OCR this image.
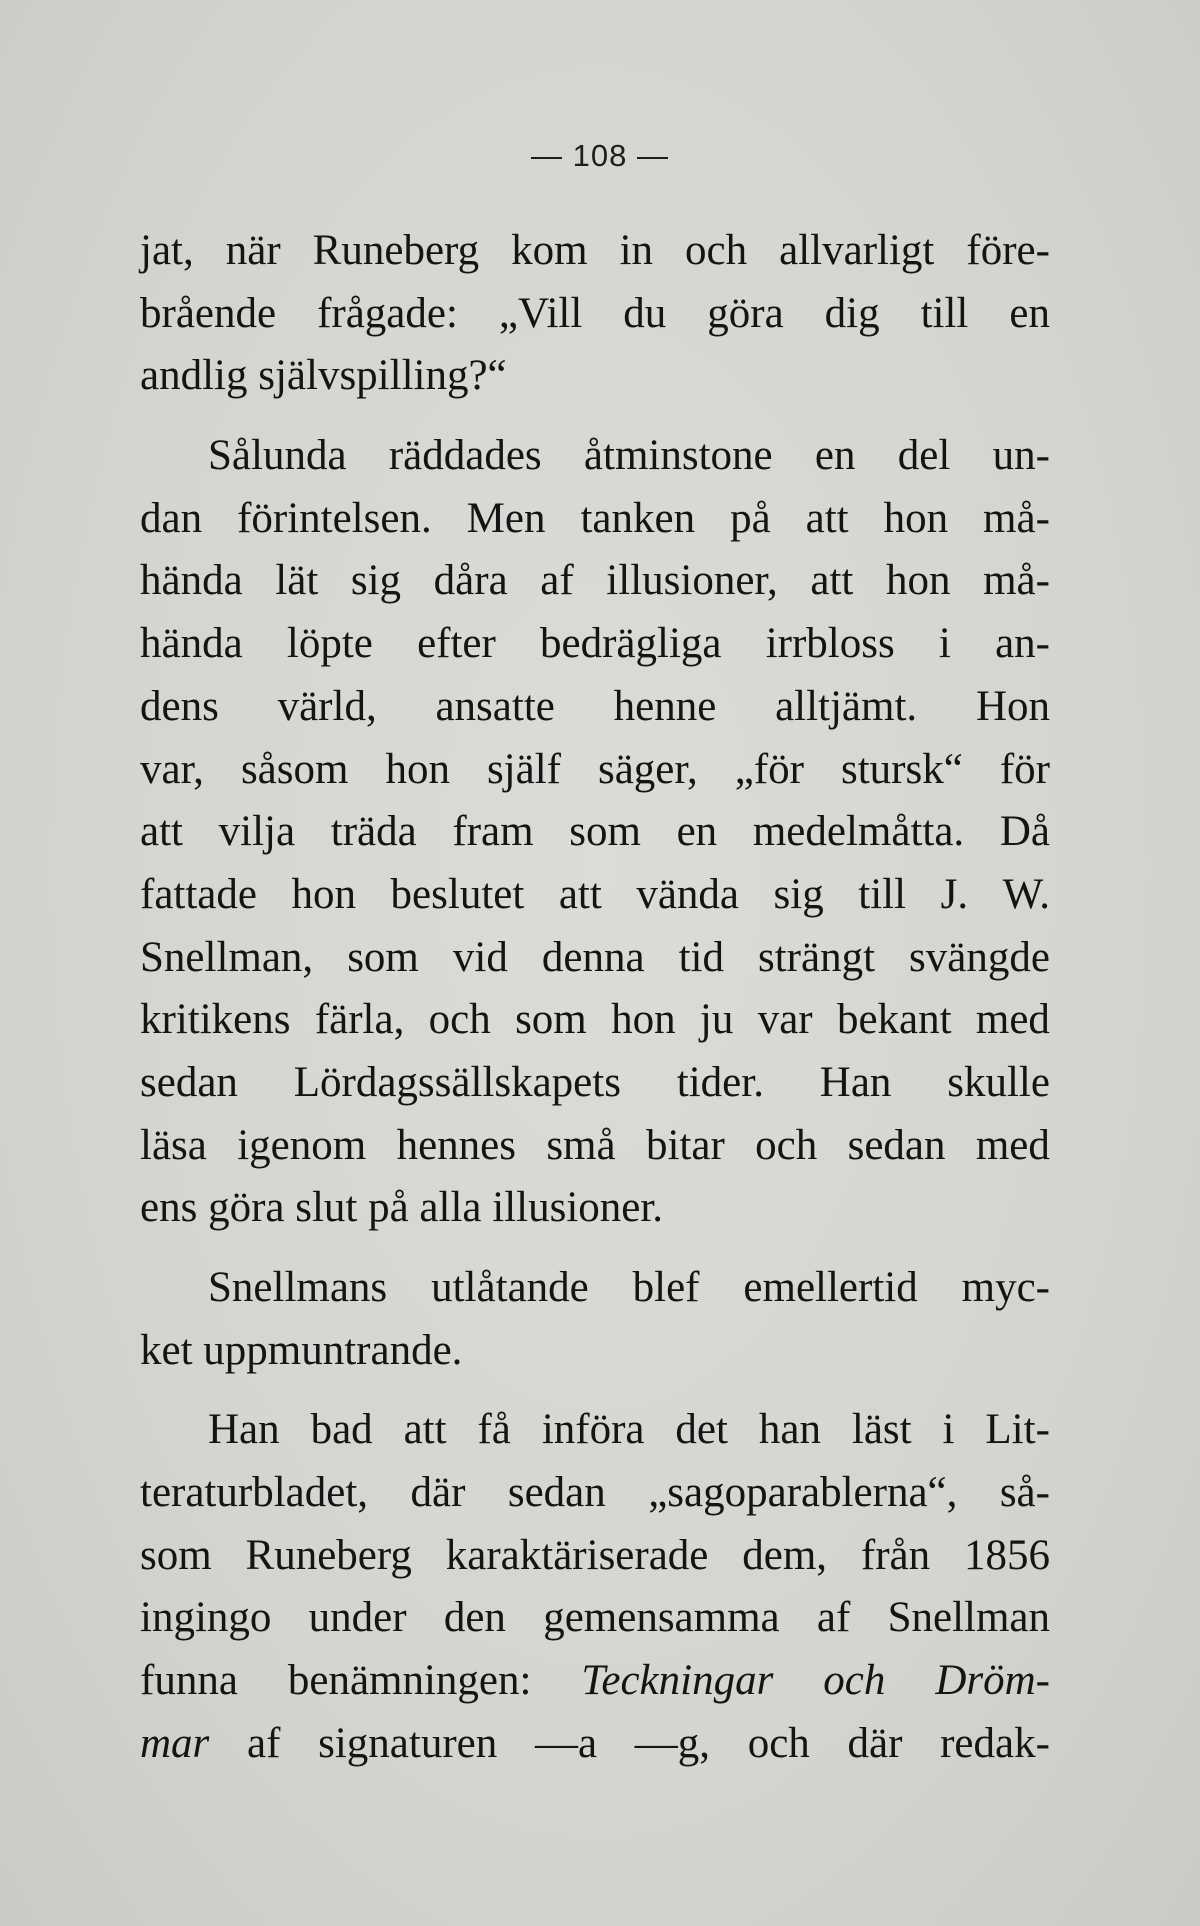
— 108 —
jat, när Runeberg kom in och allvarligt före-
brående frågade: „Vill du göra dig till en
andlig självspilling?“
Sålunda räddades åtminstone en del un-
dan förintelsen. Men tanken på att hon må-
hända lät sig dåra af illusioner, att hon må-
hända löpte efter bedrägliga irrbloss i an-
dens värld, ansatte henne alltjämt. Hon
var, såsom hon själf säger, „för stursk“ för
att vilja träda fram som en medelmåtta. Då
fattade hon beslutet att vända sig till J. W.
Snellman, som vid denna tid strängt svängde
kritikens färla, och som hon ju var bekant med
sedan Lördagssällskapets tider. Han skulle
läsa igenom hennes små bitar och sedan med
ens göra slut på alla illusioner.
Snellmans utlåtande blef emellertid myc-
ket uppmuntrande.
Han bad att få införa det han läst i Lit-
teraturbladet, där sedan „sagoparablerna“, så-
som Runeberg karaktäriserade dem, från 1856
ingingo under den gemensamma af Snellman
funna benämningen: Teckningar och Dröm-
mar af signaturen —a —g, och där redak-
